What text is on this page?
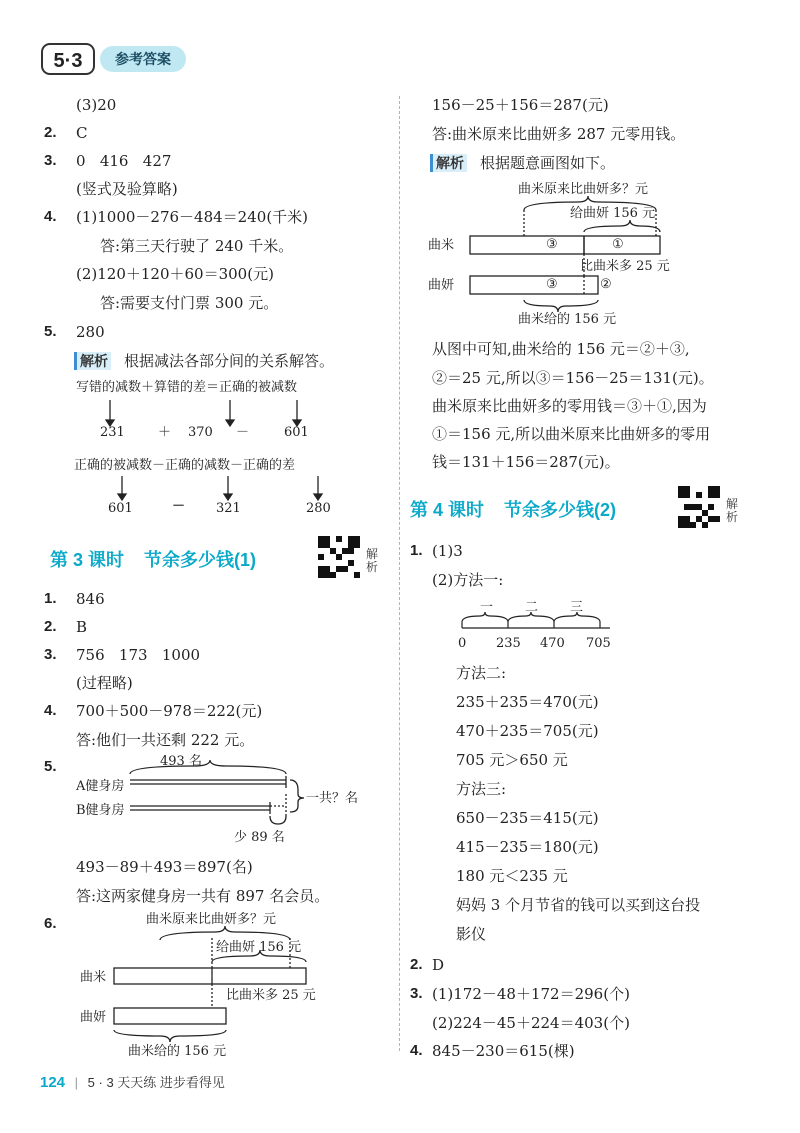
5·3	参考答案
(3)20
2. C
3. 0   416   427
(竖式及验算略)
4. (1)1000－276－484＝240(千米)
答:第三天行驶了 240 千米。
(2)120＋120＋60＝300(元)
答:需要支付门票 300 元。
5. 280
解析 根据减法各部分间的关系解答。
写错的减数＋算错的差＝正确的被减数
231	＋ 370 －	601
正确的被减数－正确的减数－正确的差
601	－ 321	280
第 3 课时    节余多少钱(1)	解析
1. 846
2. B
3. 756   173   1000
(过程略)
4. 700＋500－978＝222(元)
答:他们一共还剩 222 元。
5.	493 名
A健身房
B健身房
一共？名
少 89 名
493－89＋493＝897(名)
答:这两家健身房一共有 897 名会员。
6.	曲米原来比曲妍多？元
给曲妍 156 元
曲米
比曲米多 25 元
曲妍
曲米给的 156 元
156－25＋156＝287(元)
答:曲米原来比曲妍多 287 元零用钱。
解析 根据题意画图如下。
曲米原来比曲妍多？元
给曲妍 156 元
曲米	③	①
比曲米多 25 元
曲妍	③	②
曲米给的 156 元
从图中可知,曲米给的 156 元＝②＋③,
②＝25 元,所以③＝156－25＝131(元)。
曲米原来比曲妍多的零用钱＝③＋①,因为
①＝156 元,所以曲米原来比曲妍多的零用
钱＝131＋156＝287(元)。
第 4 课时    节余多少钱(2)	解析
1. (1)3
(2)方法一:
一 二 三
0 235 470 705
方法二:
235＋235＝470(元)
470＋235＝705(元)
705 元＞650 元
方法三:
650－235＝415(元)
415－235＝180(元)
180 元＜235 元
妈妈 3 个月节省的钱可以买到这台投
影仪
2. D
3. (1)172－48＋172＝296(个)
(2)224－45＋224＝403(个)
4. 845－230＝615(棵)
124 | 5 · 3 天天练 进步看得见
